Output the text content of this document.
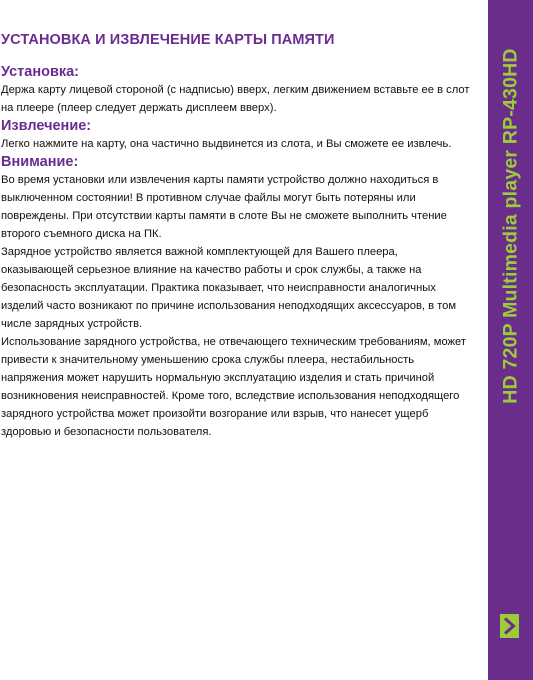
УСТАНОВКА И ИЗВЛЕЧЕНИЕ КАРТЫ ПАМЯТИ
Установка:

Держа карту лицевой стороной (с надписью) вверх, легким движением вставьте ее в слот на плеере (плеер следует держать дисплеем вверх).

Извлечение:

Легко нажмите на карту, она частично выдвинется из слота, и Вы сможете ее извлечь.

Внимание:

Во время установки или извлечения карты памяти устройство должно находиться в выключенном состоянии! В противном случае файлы могут быть потеряны или повреждены. При отсутствии карты памяти в слоте Вы не сможете выполнить чтение второго съемного диска на ПК.

Зарядное устройство является важной комплектующей для Вашего плеера, оказывающей серьезное влияние на качество работы и срок службы, а также на безопасность эксплуатации. Практика показывает, что неисправности аналогичных изделий часто возникают по причине использования неподходящих аксессуаров, в том числе зарядных устройств.

Использование зарядного устройства, не отвечающего техническим требованиям, может привести к значительному уменьшению срока службы плеера, нестабильность напряжения может нарушить нормальную эксплуатацию изделия и стать причиной возникновения неисправностей. Кроме того, вследствие использования неподходящего зарядного устройства может произойти возгорание или взрыв, что нанесет ущерб здоровью и безопасности пользователя.

HD 720P Multimedia player RP-430HD
